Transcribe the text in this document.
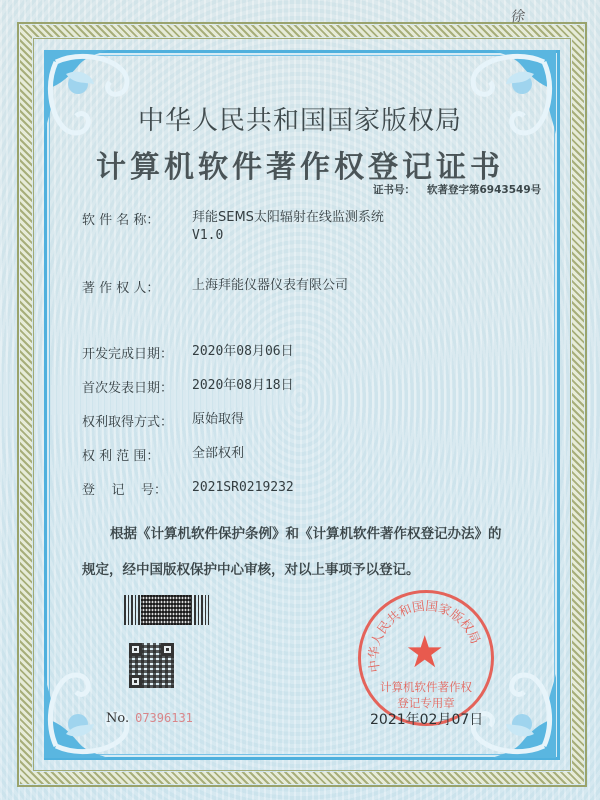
徐
中华人民共和国国家版权局
计算机软件著作权登记证书
证书号： 软著登字第6943549号
软 件 名 称：	拜能SEMS太阳辐射在线监测系统
V1.0
著 作 权 人：	上海拜能仪器仪表有限公司
开发完成日期：	2020年08月06日
首次发表日期：	2020年08月18日
权利取得方式：	原始取得
权 利 范 围：	全部权利
登    记    号：	2021SR0219232
根据《计算机软件保护条例》和《计算机软件著作权登记办法》的
规定，经中国版权保护中心审核，对以上事项予以登记。
No. 07396131
中华人民共和国国家版权局
★
计算机软件著作权
登记专用章
2021年02月07日
